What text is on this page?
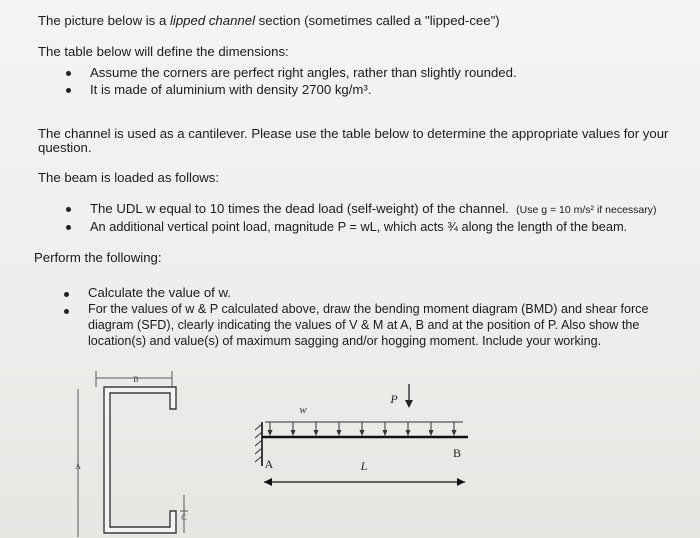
The picture below is a lipped channel section (sometimes called a "lipped-cee")
The table below will define the dimensions:
Assume the corners are perfect right angles, rather than slightly rounded.
It is made of aluminium with density 2700 kg/m³.
The channel is used as a cantilever. Please use the table below to determine the appropriate values for your
question.
The beam is loaded as follows:
The UDL w equal to 10 times the dead load (self-weight) of the channel. (Use g = 10 m/s² if necessary)
An additional vertical point load, magnitude P = wL, which acts ¾ along the length of the beam.
Perform the following:
Calculate the value of w.
For the values of w & P calculated above, draw the bending moment diagram (BMD) and shear force
diagram (SFD), clearly indicating the values of V & M at A, B and at the position of P. Also show the
location(s) and value(s) of maximum sagging and/or hogging moment. Include your working.
B
A
C
w
P
A
B
L
